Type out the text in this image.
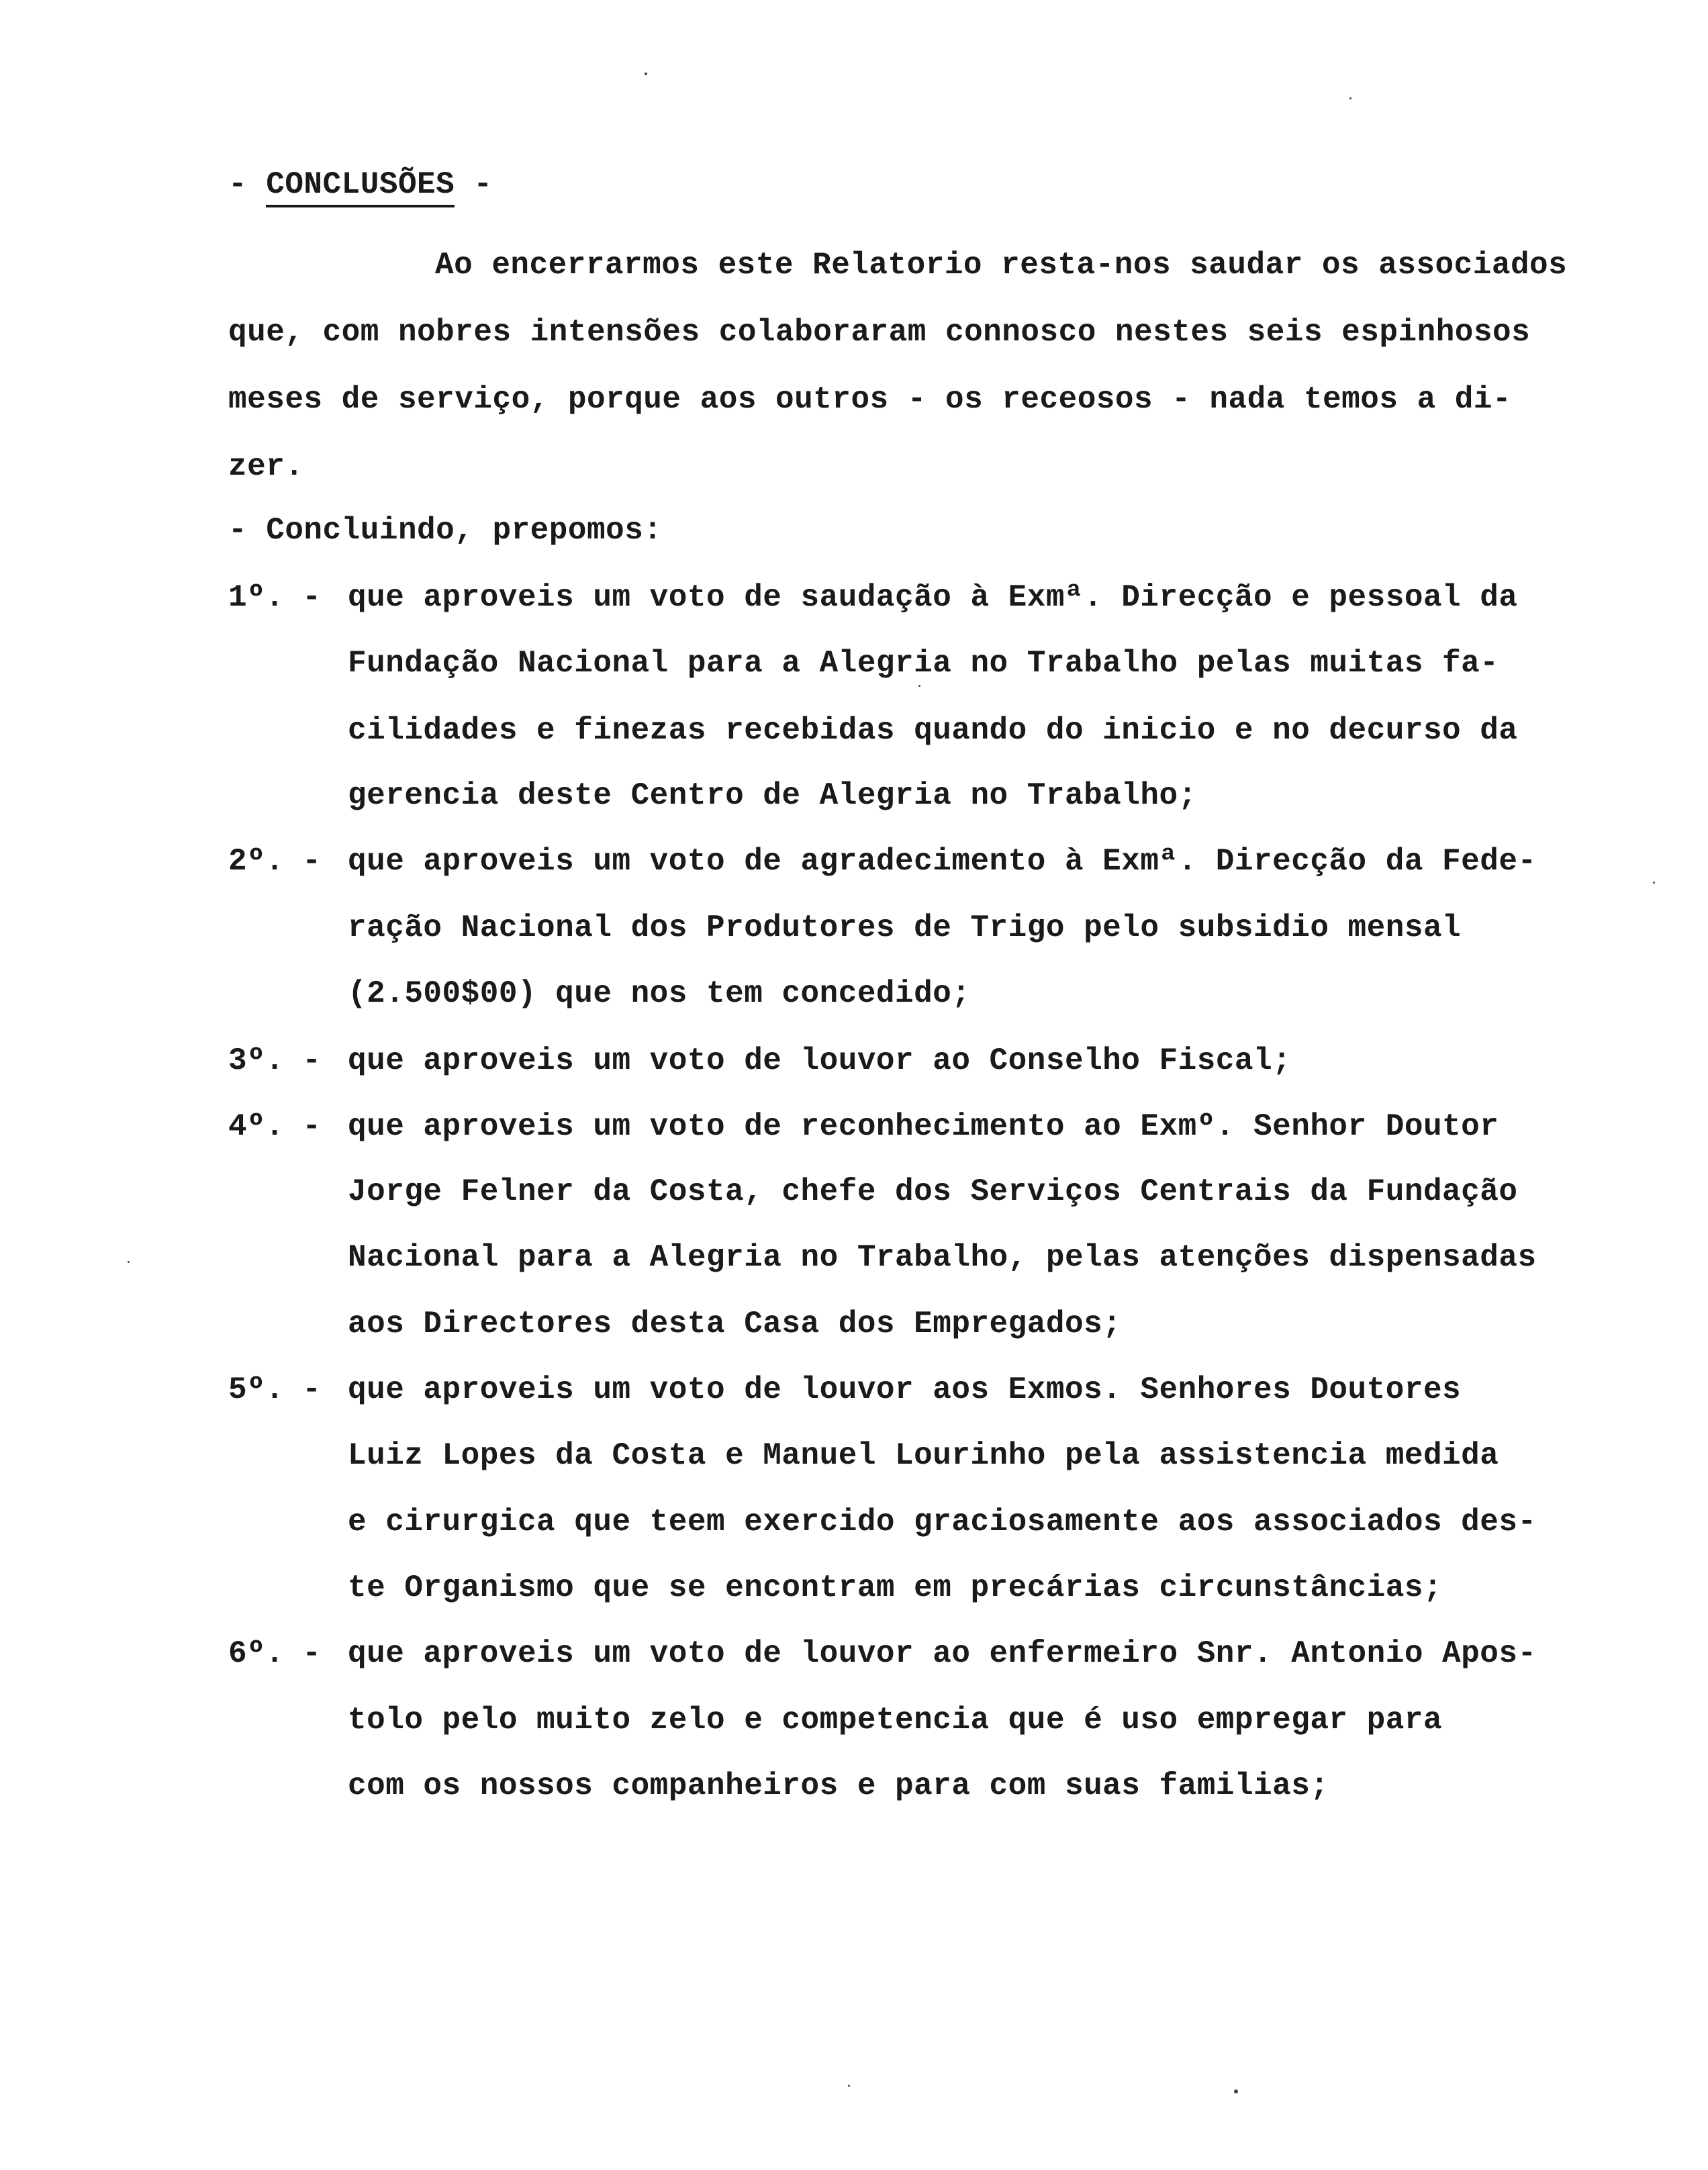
- CONCLUSÕES -
Ao encerrarmos este Relatorio resta-nos saudar os associados
que, com nobres intensões colaboraram connosco nestes seis espinhosos
meses de serviço, porque aos outros - os receosos - nada temos a di-
zer.
- Concluindo, prepomos:
1º. - que aproveis um voto de saudação à Exmª. Direcção e pessoal da
Fundação Nacional para a Alegria no Trabalho pelas muitas fa-
cilidades e finezas recebidas quando do inicio e no decurso da
gerencia deste Centro de Alegria no Trabalho;
2º. - que aproveis um voto de agradecimento à Exmª. Direcção da Fede-
ração Nacional dos Produtores de Trigo pelo subsidio mensal
(2.500$00) que nos tem concedido;
3º. - que aproveis um voto de louvor ao Conselho Fiscal;
4º. - que aproveis um voto de reconhecimento ao Exmº. Senhor Doutor
Jorge Felner da Costa, chefe dos Serviços Centrais da Fundação
Nacional para a Alegria no Trabalho, pelas atenções dispensadas
aos Directores desta Casa dos Empregados;
5º. - que aproveis um voto de louvor aos Exmos. Senhores Doutores
Luiz Lopes da Costa e Manuel Lourinho pela assistencia medida
e cirurgica que teem exercido graciosamente aos associados des-
te Organismo que se encontram em precárias circunstâncias;
6º. - que aproveis um voto de louvor ao enfermeiro Snr. Antonio Apos-
tolo pelo muito zelo e competencia que é uso empregar para
com os nossos companheiros e para com suas familias;
